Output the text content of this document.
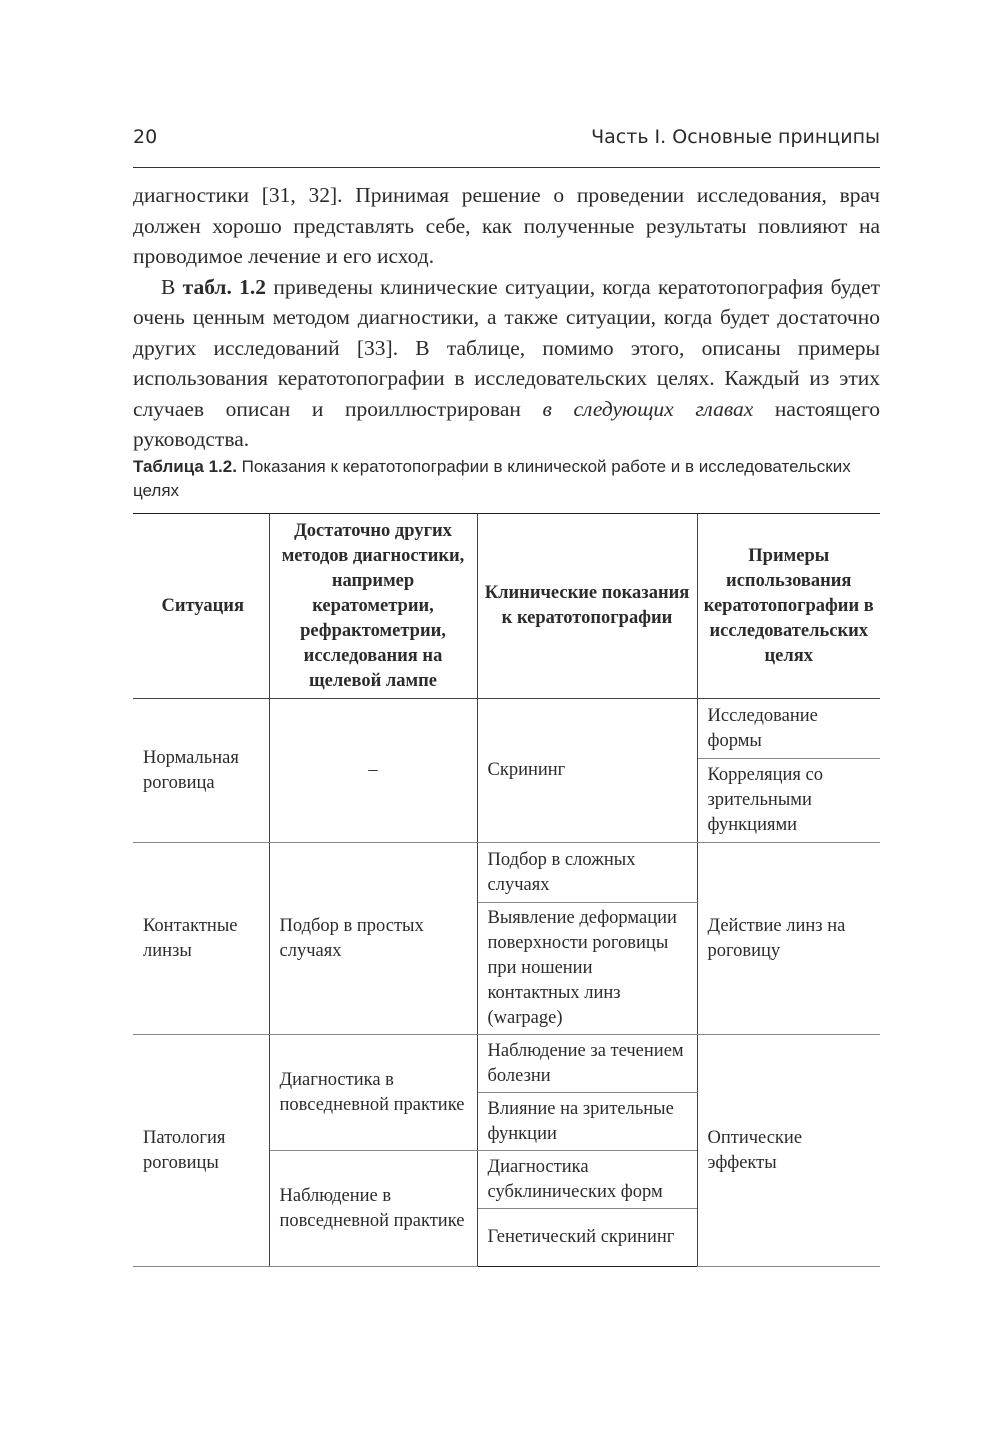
20	Часть I. Основные принципы

диагностики [31, 32]. Принимая решение о проведении исследования, врач должен хорошо представлять себе, как полученные результаты повлияют на проводимое лечение и его исход.

В табл. 1.2 приведены клинические ситуации, когда кератотопография будет очень ценным методом диагностики, а также ситуации, когда будет достаточно других исследований [33]. В таблице, помимо этого, описаны примеры использования кератотопографии в исследовательских целях. Каждый из этих случаев описан и проиллюстрирован в следующих главах настоящего руководства.

Таблица 1.2. Показания к кератотопографии в клинической работе и в исследовательских целях

Ситуация	Достаточно других методов диагностики, например кератометрии, рефрактометрии, исследования на щелевой лампе	Клинические показания к кератотопографии	Примеры использования кератотопографии в исследовательских целях
Нормальная роговица	–	Скрининг	Исследование формы
			Корреляция со зрительными функциями
Контактные линзы	Подбор в простых случаях	Подбор в сложных случаях	Действие линз на роговицу
		Выявление деформации поверхности роговицы при ношении контактных линз (warpage)	
Патология роговицы	Диагностика в повседневной практике	Наблюдение за течением болезни	Оптические эффекты
		Влияние на зрительные функции	
	Наблюдение в повседневной практике	Диагностика субклинических форм	
		Генетический скрининг	
